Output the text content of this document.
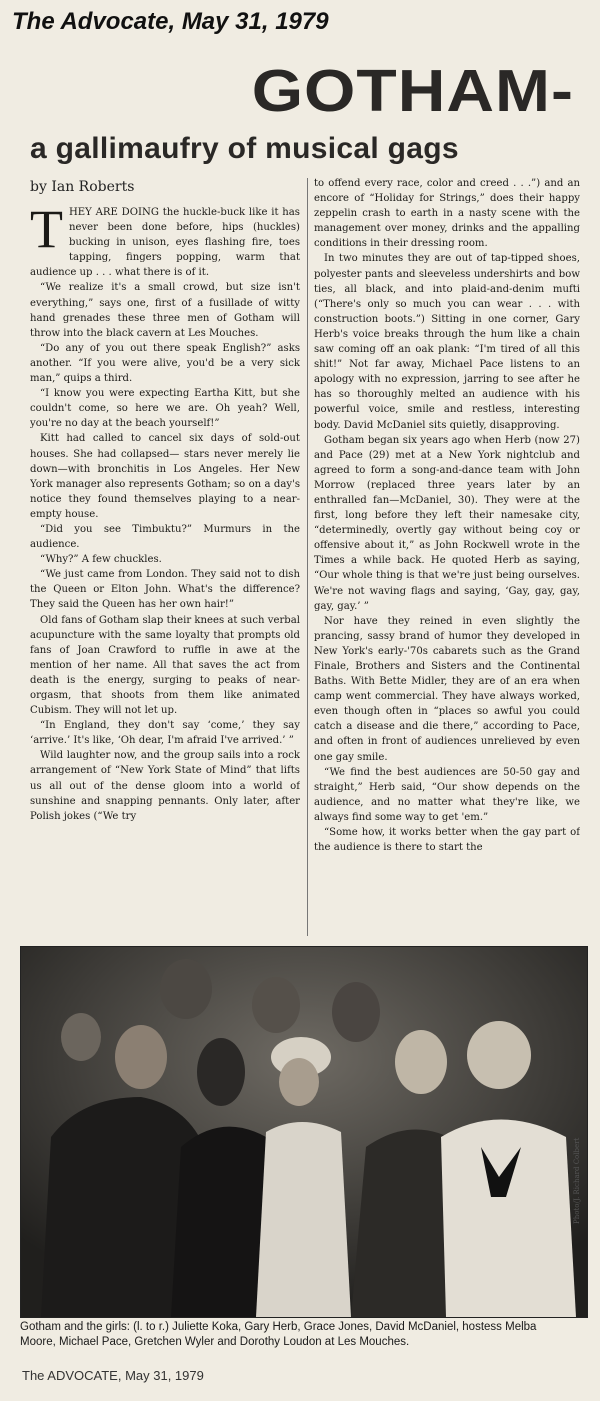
The Advocate, May 31, 1979
GOTHAM-
a gallimaufry of musical gags
by Ian Roberts

THEY ARE DOING the huckle-buck like it has never been done before, hips (huckles) bucking in unison, eyes flashing fire, toes tapping, fingers popping, warm that audience up . . . what there is of it.

“We realize it's a small crowd, but size isn't everything,” says one, first of a fusillade of witty hand grenades these three men of Gotham will throw into the black cavern at Les Mouches.

“Do any of you out there speak English?” asks another. “If you were alive, you'd be a very sick man,” quips a third.

“I know you were expecting Eartha Kitt, but she couldn't come, so here we are. Oh yeah? Well, you're no day at the beach yourself!”

Kitt had called to cancel six days of sold-out houses. She had collapsed— stars never merely lie down—with bronchitis in Los Angeles. Her New York manager also represents Gotham; so on a day's notice they found themselves playing to a near-empty house.

“Did you see Timbuktu?” Murmurs in the audience.

“Why?” A few chuckles.

“We just came from London. They said not to dish the Queen or Elton John. What's the difference? They said the Queen has her own hair!”

Old fans of Gotham slap their knees at such verbal acupuncture with the same loyalty that prompts old fans of Joan Crawford to ruffle in awe at the mention of her name. All that saves the act from death is the energy, surging to peaks of near-orgasm, that shoots from them like animated Cubism. They will not let up.

“In England, they don't say ‘come,’ they say ‘arrive.’ It's like, ‘Oh dear, I'm afraid I've arrived.’ ”

Wild laughter now, and the group sails into a rock arrangement of “New York State of Mind” that lifts us all out of the dense gloom into a world of sunshine and snapping pennants. Only later, after Polish jokes (“We try

to offend every race, color and creed . . .”) and an encore of “Holiday for Strings,” does their happy zeppelin crash to earth in a nasty scene with the management over money, drinks and the appalling conditions in their dressing room.

In two minutes they are out of tap-tipped shoes, polyester pants and sleeveless undershirts and bow ties, all black, and into plaid-and-denim mufti (“There's only so much you can wear . . . with construction boots.”) Sitting in one corner, Gary Herb's voice breaks through the hum like a chain saw coming off an oak plank: “I'm tired of all this shit!” Not far away, Michael Pace listens to an apology with no expression, jarring to see after he has so thoroughly melted an audience with his powerful voice, smile and restless, interesting body. David McDaniel sits quietly, disapproving.

Gotham began six years ago when Herb (now 27) and Pace (29) met at a New York nightclub and agreed to form a song-and-dance team with John Morrow (replaced three years later by an enthralled fan—McDaniel, 30). They were at the first, long before they left their namesake city, “determinedly, overtly gay without being coy or offensive about it,” as John Rockwell wrote in the Times a while back. He quoted Herb as saying, “Our whole thing is that we're just being ourselves. We're not waving flags and saying, ‘Gay, gay, gay, gay, gay.’ ”

Nor have they reined in even slightly the prancing, sassy brand of humor they developed in New York's early-'70s cabarets such as the Grand Finale, Brothers and Sisters and the Continental Baths. With Bette Midler, they are of an era when camp went commercial. They have always worked, even though often in “places so awful you could catch a disease and die there,” according to Pace, and often in front of audiences unrelieved by even one gay smile.

“We find the best audiences are 50-50 gay and straight,” Herb said, “Our show depends on the audience, and no matter what they're like, we always find some way to get 'em.”

“Some how, it works better when the gay part of the audience is there to start the

Photo/J. Richard Colbert
Gotham and the girls: (l. to r.) Juliette Koka, Gary Herb, Grace Jones, David McDaniel, hostess Melba Moore, Michael Pace, Gretchen Wyler and Dorothy Loudon at Les Mouches.
The ADVOCATE, May 31, 1979
